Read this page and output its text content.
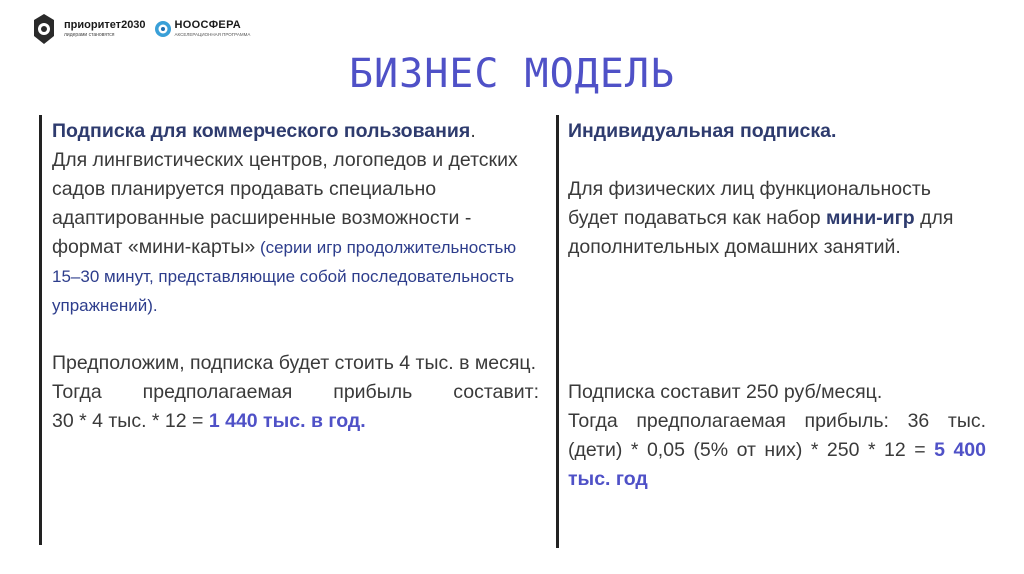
приоритет2030
лидерами становятся
НООСФЕРА
АКСЕЛЕРАЦИОННАЯ ПРОГРАММА
БИЗНЕС МОДЕЛЬ

Подписка для коммерческого пользования.

Для лингвистических центров, логопедов и детских садов планируется продавать специально адаптированные расширенные возможности - формат «мини-карты» (серии игр продолжительностью 15–30 минут, представляющие собой последовательность упражнений).

Предположим, подписка будет стоить 4 тыс. в месяц.

Тогда предполагаемая прибыль составит:

30 * 4 тыс. * 12 = 1 440 тыс. в год.

Индивидуальная подписка.

Для физических лиц функциональность будет подаваться как набор мини-игр для дополнительных домашних занятий.

Подписка составит 250 руб/месяц.

Тогда предполагаемая прибыль: 36 тыс. (дети) * 0,05 (5% от них) * 250 * 12 = 5 400 тыс. год
